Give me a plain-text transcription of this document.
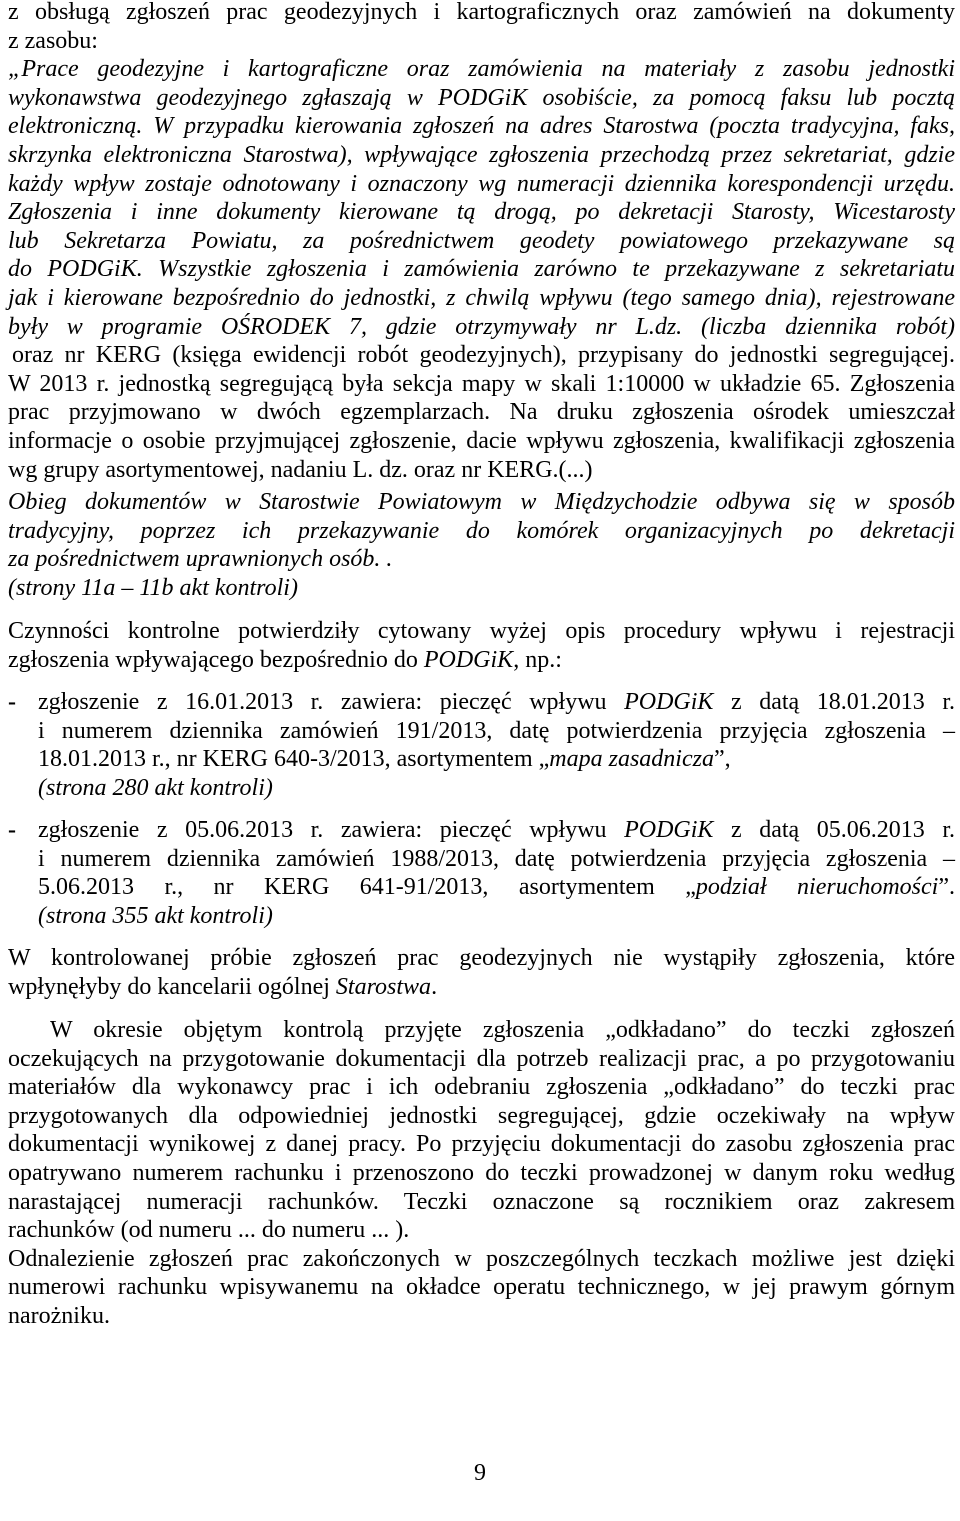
z obsługą zgłoszeń prac geodezyjnych i kartograficznych oraz zamówień na dokumenty
z zasobu:
„Prace geodezyjne i kartograficzne oraz zamówienia na materiały z zasobu jednostki
wykonawstwa geodezyjnego zgłaszają w PODGiK osobiście, za pomocą faksu lub pocztą
elektroniczną. W przypadku kierowania zgłoszeń na adres Starostwa (poczta tradycyjna, faks,
skrzynka elektroniczna Starostwa), wpływające zgłoszenia przechodzą przez sekretariat, gdzie
każdy wpływ zostaje odnotowany i oznaczony wg numeracji dziennika korespondencji urzędu.
Zgłoszenia i inne dokumenty kierowane tą drogą, po dekretacji Starosty, Wicestarosty
lub Sekretarza Powiatu, za pośrednictwem geodety powiatowego przekazywane są
do PODGiK. Wszystkie zgłoszenia i zamówienia zarówno te przekazywane z sekretariatu
jak i kierowane bezpośrednio do jednostki, z chwilą wpływu (tego samego dnia), rejestrowane
były w programie OŚRODEK 7, gdzie otrzymywały nr L.dz. (liczba dziennika robót)
oraz nr KERG (księga ewidencji robót geodezyjnych), przypisany do jednostki segregującej.
W 2013 r. jednostką segregującą była sekcja mapy w skali 1:10000 w układzie 65. Zgłoszenia
prac przyjmowano w dwóch egzemplarzach. Na druku zgłoszenia ośrodek umieszczał
informacje o osobie przyjmującej zgłoszenie, dacie wpływu zgłoszenia, kwalifikacji zgłoszenia
wg grupy asortymentowej, nadaniu L. dz. oraz nr KERG.(...)
Obieg dokumentów w Starostwie Powiatowym w Międzychodzie odbywa się w sposób
tradycyjny, poprzez ich przekazywanie do komórek organizacyjnych po dekretacji
za pośrednictwem uprawnionych osób. .
(strony 11a – 11b akt kontroli)
Czynności kontrolne potwierdziły cytowany wyżej opis procedury wpływu i rejestracji
zgłoszenia wpływającego bezpośrednio do PODGiK, np.:
- zgłoszenie z 16.01.2013 r. zawiera: pieczęć wpływu PODGiK z datą 18.01.2013 r.
i numerem dziennika zamówień 191/2013, datę potwierdzenia przyjęcia zgłoszenia –
18.01.2013 r., nr KERG 640-3/2013, asortymentem „mapa zasadnicza”,
(strona 280 akt kontroli)
- zgłoszenie z 05.06.2013 r. zawiera: pieczęć wpływu PODGiK z datą 05.06.2013 r.
i numerem dziennika zamówień 1988/2013, datę potwierdzenia przyjęcia zgłoszenia –
5.06.2013 r., nr KERG 641-91/2013, asortymentem „podział nieruchomości”.
(strona 355 akt kontroli)
W kontrolowanej próbie zgłoszeń prac geodezyjnych nie wystąpiły zgłoszenia, które
wpłynęłyby do kancelarii ogólnej Starostwa.
W okresie objętym kontrolą przyjęte zgłoszenia „odkładano” do teczki zgłoszeń
oczekujących na przygotowanie dokumentacji dla potrzeb realizacji prac, a po przygotowaniu
materiałów dla wykonawcy prac i ich odebraniu zgłoszenia „odkładano” do teczki prac
przygotowanych dla odpowiedniej jednostki segregującej, gdzie oczekiwały na wpływ
dokumentacji wynikowej z danej pracy. Po przyjęciu dokumentacji do zasobu zgłoszenia prac
opatrywano numerem rachunku i przenoszono do teczki prowadzonej w danym roku według
narastającej numeracji rachunków. Teczki oznaczone są rocznikiem oraz zakresem
rachunków (od numeru ... do numeru ... ).
Odnalezienie zgłoszeń prac zakończonych w poszczególnych teczkach możliwe jest dzięki
numerowi rachunku wpisywanemu na okładce operatu technicznego, w jej prawym górnym
narożniku.
9
